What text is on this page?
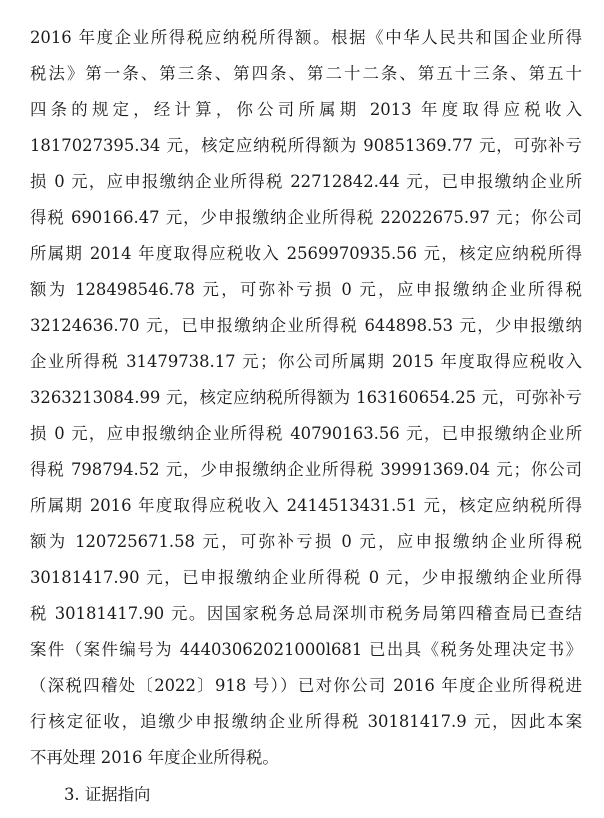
2016 年度企业所得税应纳税所得额。根据《中华人民共和国企业所得
税法》第一条、第三条、第四条、第二十二条、第五十三条、第五十
四条的规定，经计算，你公司所属期 2013 年度取得应税收入
1817027395.34 元，核定应纳税所得额为 90851369.77 元，可弥补亏
损 0 元，应申报缴纳企业所得税 22712842.44 元，已申报缴纳企业所
得税 690166.47 元，少申报缴纳企业所得税 22022675.97 元；你公司
所属期 2014 年度取得应税收入 2569970935.56 元，核定应纳税所得
额为 128498546.78 元，可弥补亏损 0 元，应申报缴纳企业所得税
32124636.70 元，已申报缴纳企业所得税 644898.53 元，少申报缴纳
企业所得税 31479738.17 元；你公司所属期 2015 年度取得应税收入
3263213084.99 元，核定应纳税所得额为 163160654.25 元，可弥补亏
损 0 元，应申报缴纳企业所得税 40790163.56 元，已申报缴纳企业所
得税 798794.52 元，少申报缴纳企业所得税 39991369.04 元；你公司
所属期 2016 年度取得应税收入 2414513431.51 元，核定应纳税所得
额为 120725671.58 元，可弥补亏损 0 元，应申报缴纳企业所得税
30181417.90 元，已申报缴纳企业所得税 0 元，少申报缴纳企业所得
税 30181417.90 元。因国家税务总局深圳市税务局第四稽查局已查结
案件（案件编号为 44403062021000l681 已出具《税务处理决定书》
（深税四稽处〔2022〕918 号））已对你公司 2016 年度企业所得税进
行核定征收，追缴少申报缴纳企业所得税 30181417.9 元，因此本案
不再处理 2016 年度企业所得税。
3. 证据指向
